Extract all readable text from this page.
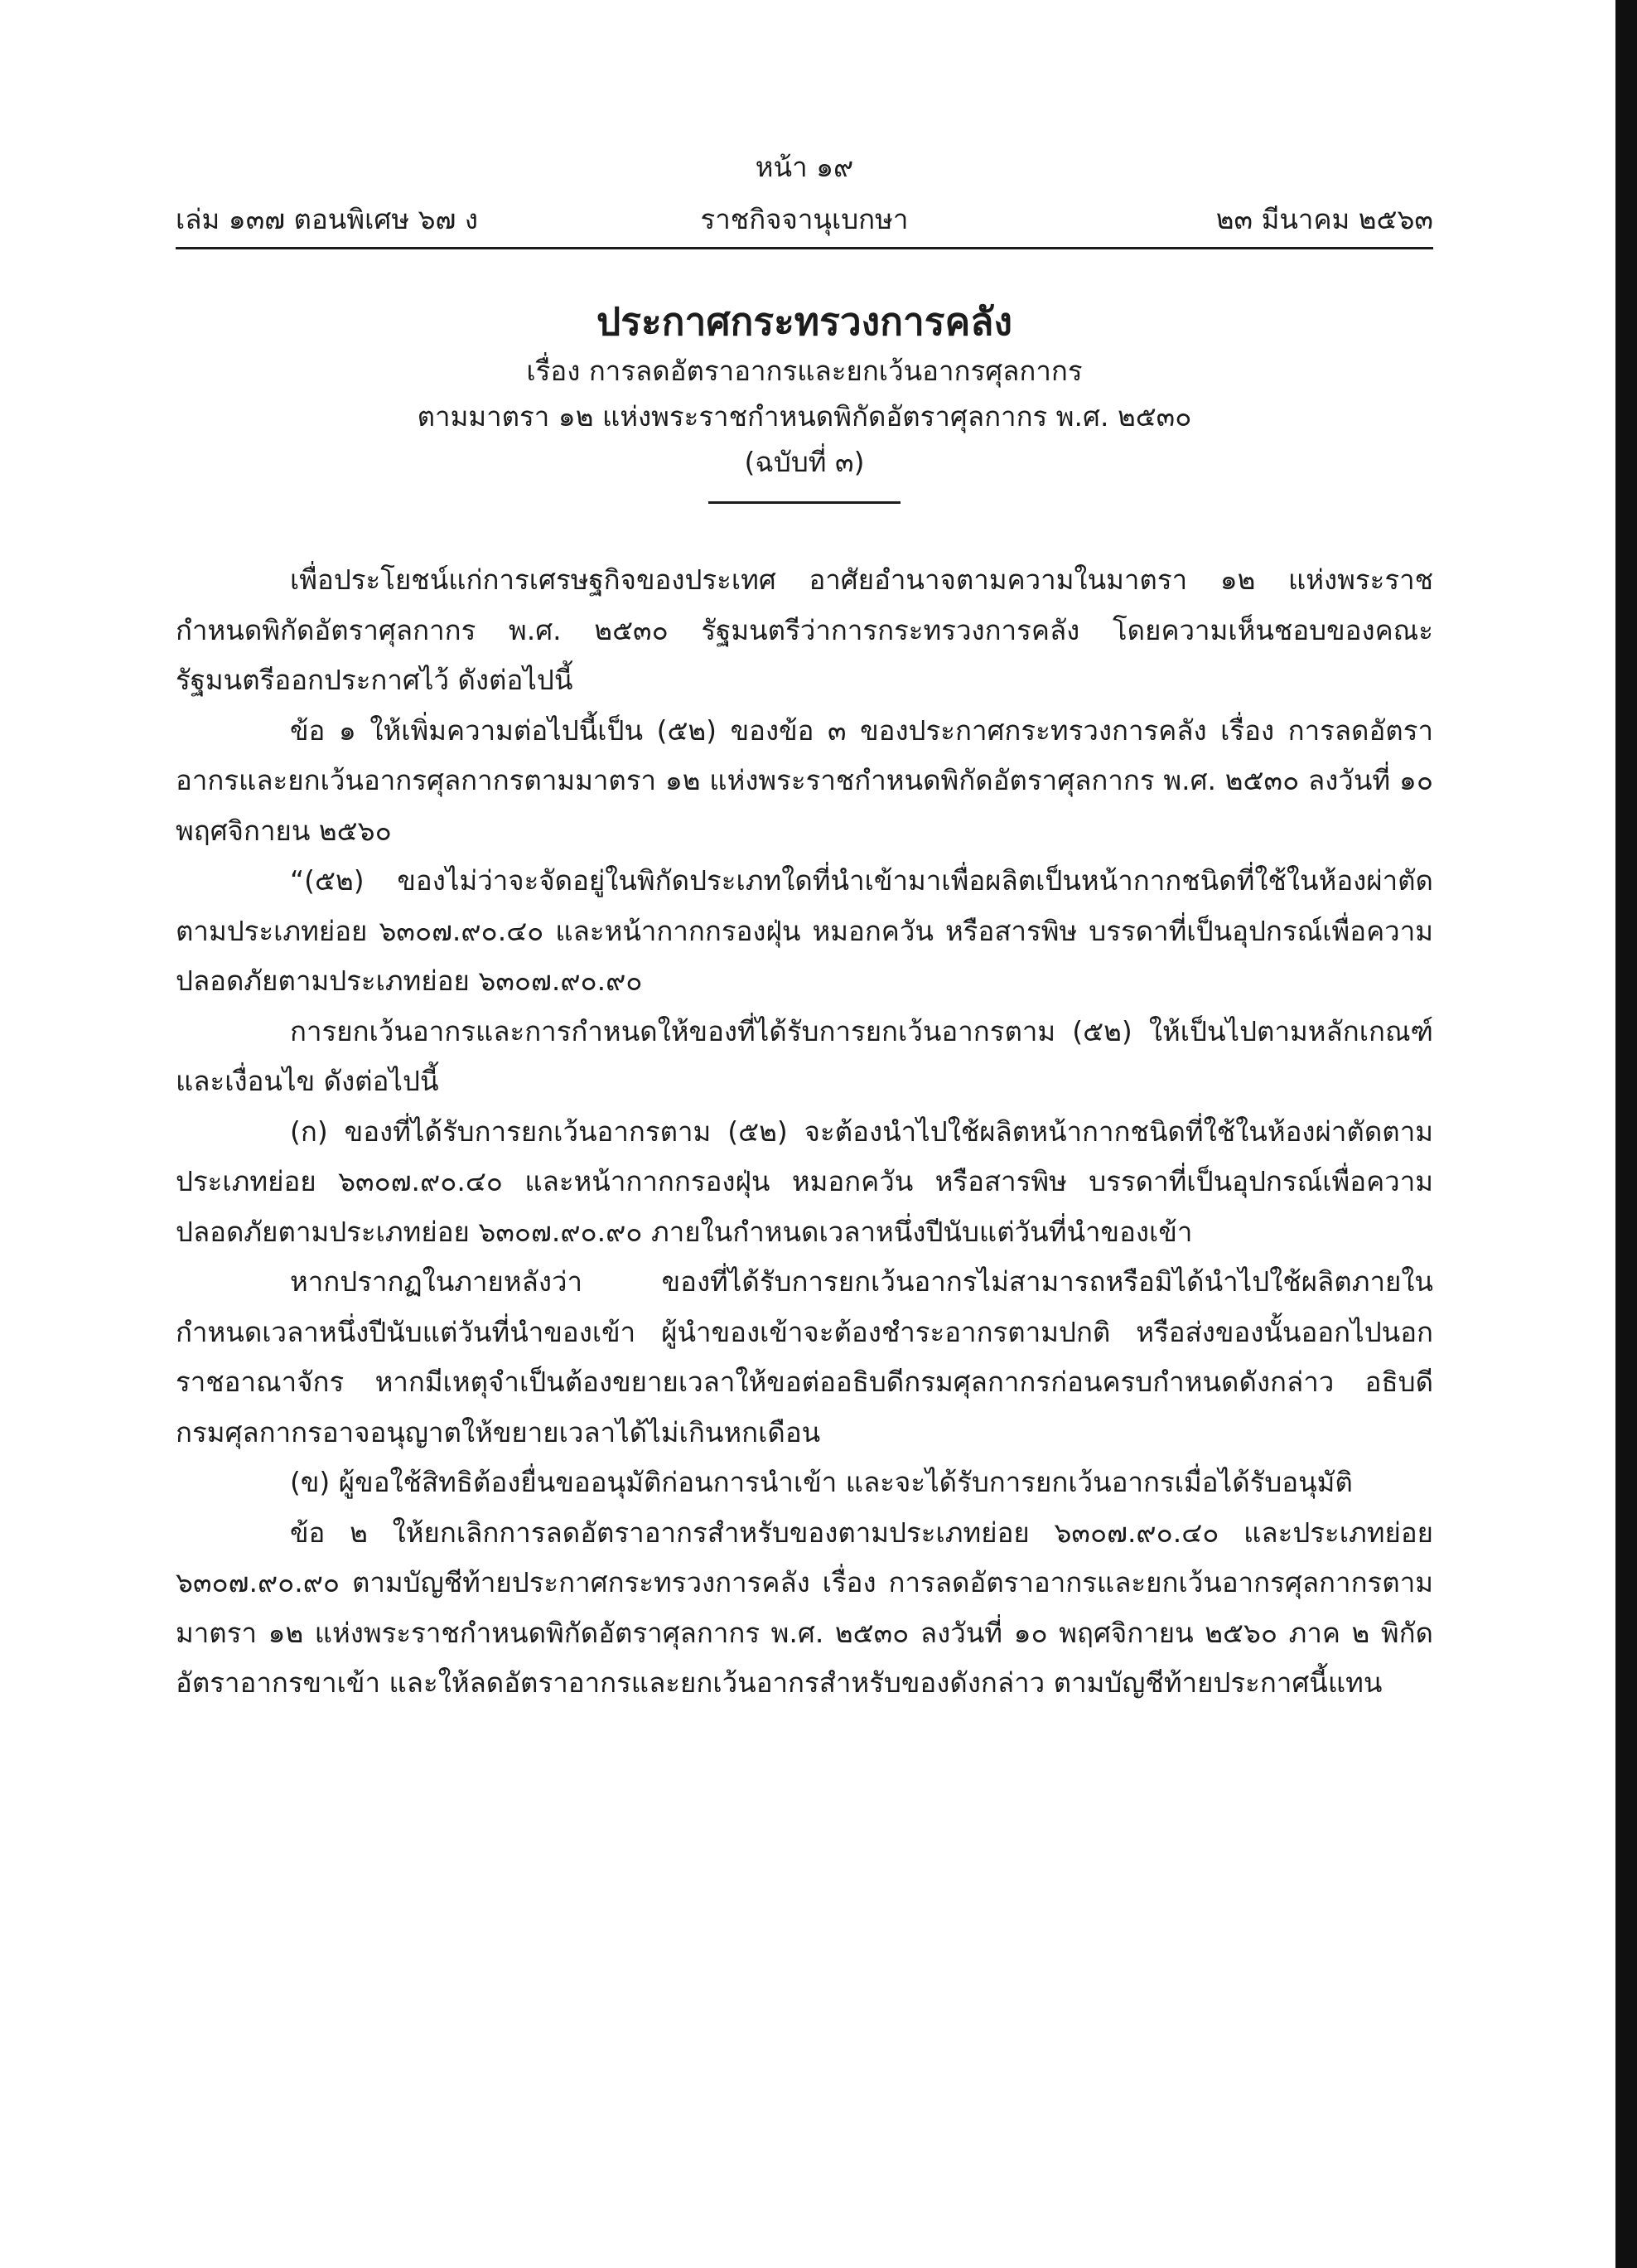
หน้า ๑๙
เล่ม ๑๓๗ ตอนพิเศษ ๖๗ ง	ราชกิจจานุเบกษา	๒๓ มีนาคม ๒๕๖๓
ประกาศกระทรวงการคลัง

เรื่อง การลดอัตราอากรและยกเว้นอากรศุลกากร

ตามมาตรา ๑๒ แห่งพระราชกำหนดพิกัดอัตราศุลกากร พ.ศ. ๒๕๓๐

(ฉบับที่ ๓)

เพื่อประโยชน์แก่การเศรษฐกิจของประเทศ อาศัยอำนาจตามความในมาตรา ๑๒ แห่งพระราชกำหนดพิกัดอัตราศุลกากร พ.ศ. ๒๕๓๐ รัฐมนตรีว่าการกระทรวงการคลัง โดยความเห็นชอบของคณะรัฐมนตรีออกประกาศไว้ ดังต่อไปนี้

ข้อ ๑ ให้เพิ่มความต่อไปนี้เป็น (๕๒) ของข้อ ๓ ของประกาศกระทรวงการคลัง เรื่อง การลดอัตราอากรและยกเว้นอากรศุลกากรตามมาตรา ๑๒ แห่งพระราชกำหนดพิกัดอัตราศุลกากร พ.ศ. ๒๕๓๐ ลงวันที่ ๑๐ พฤศจิกายน ๒๕๖๐

“(๕๒) ของไม่ว่าจะจัดอยู่ในพิกัดประเภทใดที่นำเข้ามาเพื่อผลิตเป็นหน้ากากชนิดที่ใช้ในห้องผ่าตัดตามประเภทย่อย ๖๓๐๗.๙๐.๔๐ และหน้ากากกรองฝุ่น หมอกควัน หรือสารพิษ บรรดาที่เป็นอุปกรณ์เพื่อความปลอดภัยตามประเภทย่อย ๖๓๐๗.๙๐.๙๐

การยกเว้นอากรและการกำหนดให้ของที่ได้รับการยกเว้นอากรตาม (๕๒) ให้เป็นไปตามหลักเกณฑ์และเงื่อนไข ดังต่อไปนี้

(ก) ของที่ได้รับการยกเว้นอากรตาม (๕๒) จะต้องนำไปใช้ผลิตหน้ากากชนิดที่ใช้ในห้องผ่าตัดตามประเภทย่อย ๖๓๐๗.๙๐.๔๐ และหน้ากากกรองฝุ่น หมอกควัน หรือสารพิษ บรรดาที่เป็นอุปกรณ์เพื่อความปลอดภัยตามประเภทย่อย ๖๓๐๗.๙๐.๙๐ ภายในกำหนดเวลาหนึ่งปีนับแต่วันที่นำของเข้า

หากปรากฏในภายหลังว่า ของที่ได้รับการยกเว้นอากรไม่สามารถหรือมิได้นำไปใช้ผลิตภายในกำหนดเวลาหนึ่งปีนับแต่วันที่นำของเข้า ผู้นำของเข้าจะต้องชำระอากรตามปกติ หรือส่งของนั้นออกไปนอกราชอาณาจักร หากมีเหตุจำเป็นต้องขยายเวลาให้ขอต่ออธิบดีกรมศุลกากรก่อนครบกำหนดดังกล่าว อธิบดีกรมศุลกากรอาจอนุญาตให้ขยายเวลาได้ไม่เกินหกเดือน

(ข) ผู้ขอใช้สิทธิต้องยื่นขออนุมัติก่อนการนำเข้า และจะได้รับการยกเว้นอากรเมื่อได้รับอนุมัติ

ข้อ ๒ ให้ยกเลิกการลดอัตราอากรสำหรับของตามประเภทย่อย ๖๓๐๗.๙๐.๔๐ และประเภทย่อย ๖๓๐๗.๙๐.๙๐ ตามบัญชีท้ายประกาศกระทรวงการคลัง เรื่อง การลดอัตราอากรและยกเว้นอากรศุลกากรตามมาตรา ๑๒ แห่งพระราชกำหนดพิกัดอัตราศุลกากร พ.ศ. ๒๕๓๐ ลงวันที่ ๑๐ พฤศจิกายน ๒๕๖๐ ภาค ๒ พิกัดอัตราอากรขาเข้า และให้ลดอัตราอากรและยกเว้นอากรสำหรับของดังกล่าว ตามบัญชีท้ายประกาศนี้แทน
